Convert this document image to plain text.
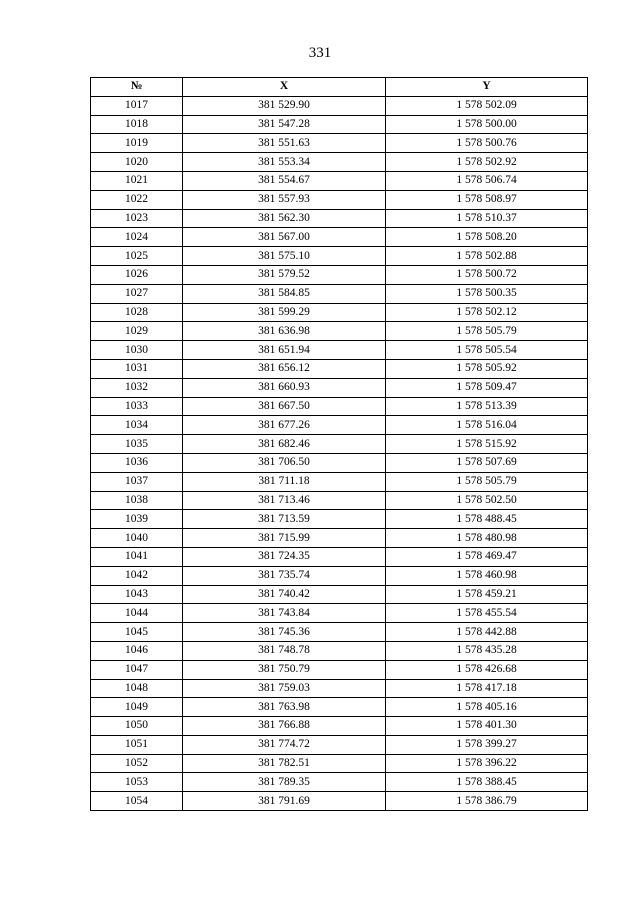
331
№	X	Y
1017	381 529.90	1 578 502.09
1018	381 547.28	1 578 500.00
1019	381 551.63	1 578 500.76
1020	381 553.34	1 578 502.92
1021	381 554.67	1 578 506.74
1022	381 557.93	1 578 508.97
1023	381 562.30	1 578 510.37
1024	381 567.00	1 578 508.20
1025	381 575.10	1 578 502.88
1026	381 579.52	1 578 500.72
1027	381 584.85	1 578 500.35
1028	381 599.29	1 578 502.12
1029	381 636.98	1 578 505.79
1030	381 651.94	1 578 505.54
1031	381 656.12	1 578 505.92
1032	381 660.93	1 578 509.47
1033	381 667.50	1 578 513.39
1034	381 677.26	1 578 516.04
1035	381 682.46	1 578 515.92
1036	381 706.50	1 578 507.69
1037	381 711.18	1 578 505.79
1038	381 713.46	1 578 502.50
1039	381 713.59	1 578 488.45
1040	381 715.99	1 578 480.98
1041	381 724.35	1 578 469.47
1042	381 735.74	1 578 460.98
1043	381 740.42	1 578 459.21
1044	381 743.84	1 578 455.54
1045	381 745.36	1 578 442.88
1046	381 748.78	1 578 435.28
1047	381 750.79	1 578 426.68
1048	381 759.03	1 578 417.18
1049	381 763.98	1 578 405.16
1050	381 766.88	1 578 401.30
1051	381 774.72	1 578 399.27
1052	381 782.51	1 578 396.22
1053	381 789.35	1 578 388.45
1054	381 791.69	1 578 386.79
